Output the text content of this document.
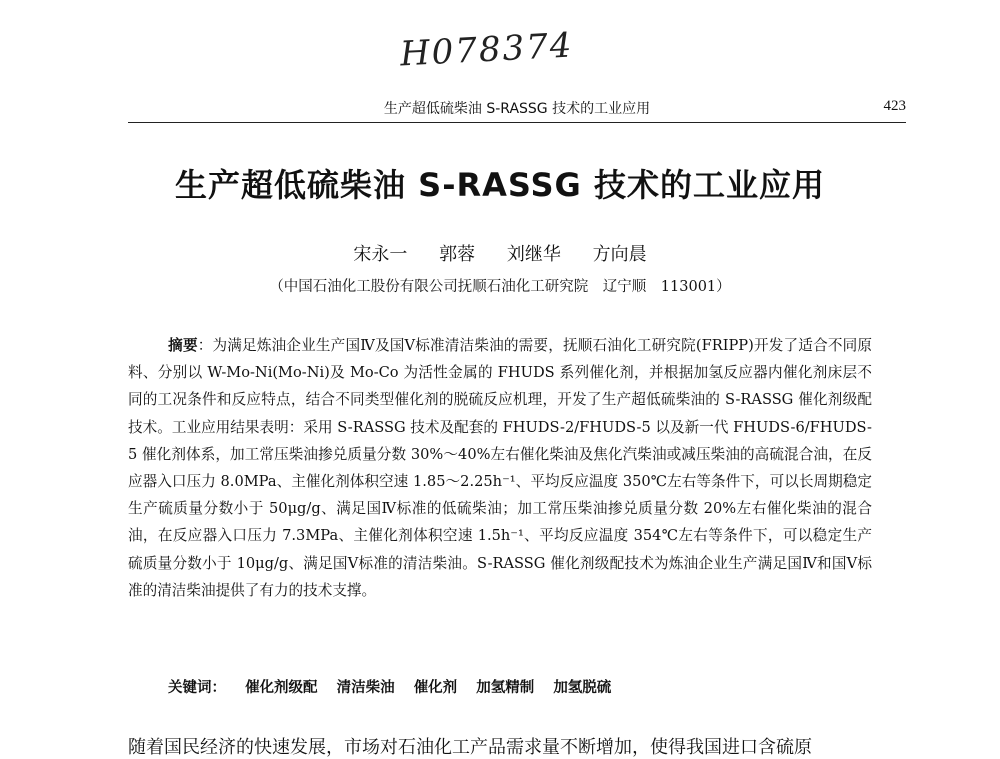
H078374
生产超低硫柴油 S-RASSG 技术的工业应用	423
生产超低硫柴油 S-RASSG 技术的工业应用
宋永一 郭蓉 刘继华 方向晨
（中国石油化工股份有限公司抚顺石油化工研究院　辽宁顺　113001）
摘要：为满足炼油企业生产国Ⅳ及国Ⅴ标准清洁柴油的需要，抚顺石油化工研究院(FRIPP)开发了适合不同原料、分别以 W-Mo-Ni(Mo-Ni)及 Mo-Co 为活性金属的 FHUDS 系列催化剂，并根据加氢反应器内催化剂床层不同的工况条件和反应特点，结合不同类型催化剂的脱硫反应机理，开发了生产超低硫柴油的 S-RASSG 催化剂级配技术。工业应用结果表明：采用 S-RASSG 技术及配套的 FHUDS-2/FHUDS-5 以及新一代 FHUDS-6/FHUDS-5 催化剂体系，加工常压柴油掺兑质量分数 30%～40%左右催化柴油及焦化汽柴油或减压柴油的高硫混合油，在反应器入口压力 8.0MPa、主催化剂体积空速 1.85～2.25h⁻¹、平均反应温度 350℃左右等条件下，可以长周期稳定生产硫质量分数小于 50μg/g、满足国Ⅳ标准的低硫柴油；加工常压柴油掺兑质量分数 20%左右催化柴油的混合油，在反应器入口压力 7.3MPa、主催化剂体积空速 1.5h⁻¹、平均反应温度 354℃左右等条件下，可以稳定生产硫质量分数小于 10μg/g、满足国Ⅴ标准的清洁柴油。S-RASSG 催化剂级配技术为炼油企业生产满足国Ⅳ和国Ⅴ标准的清洁柴油提供了有力的技术支撑。
关键词： 催化剂级配 清洁柴油 催化剂 加氢精制 加氢脱硫
随着国民经济的快速发展，市场对石油化工产品需求量不断增加，使得我国进口含硫原
